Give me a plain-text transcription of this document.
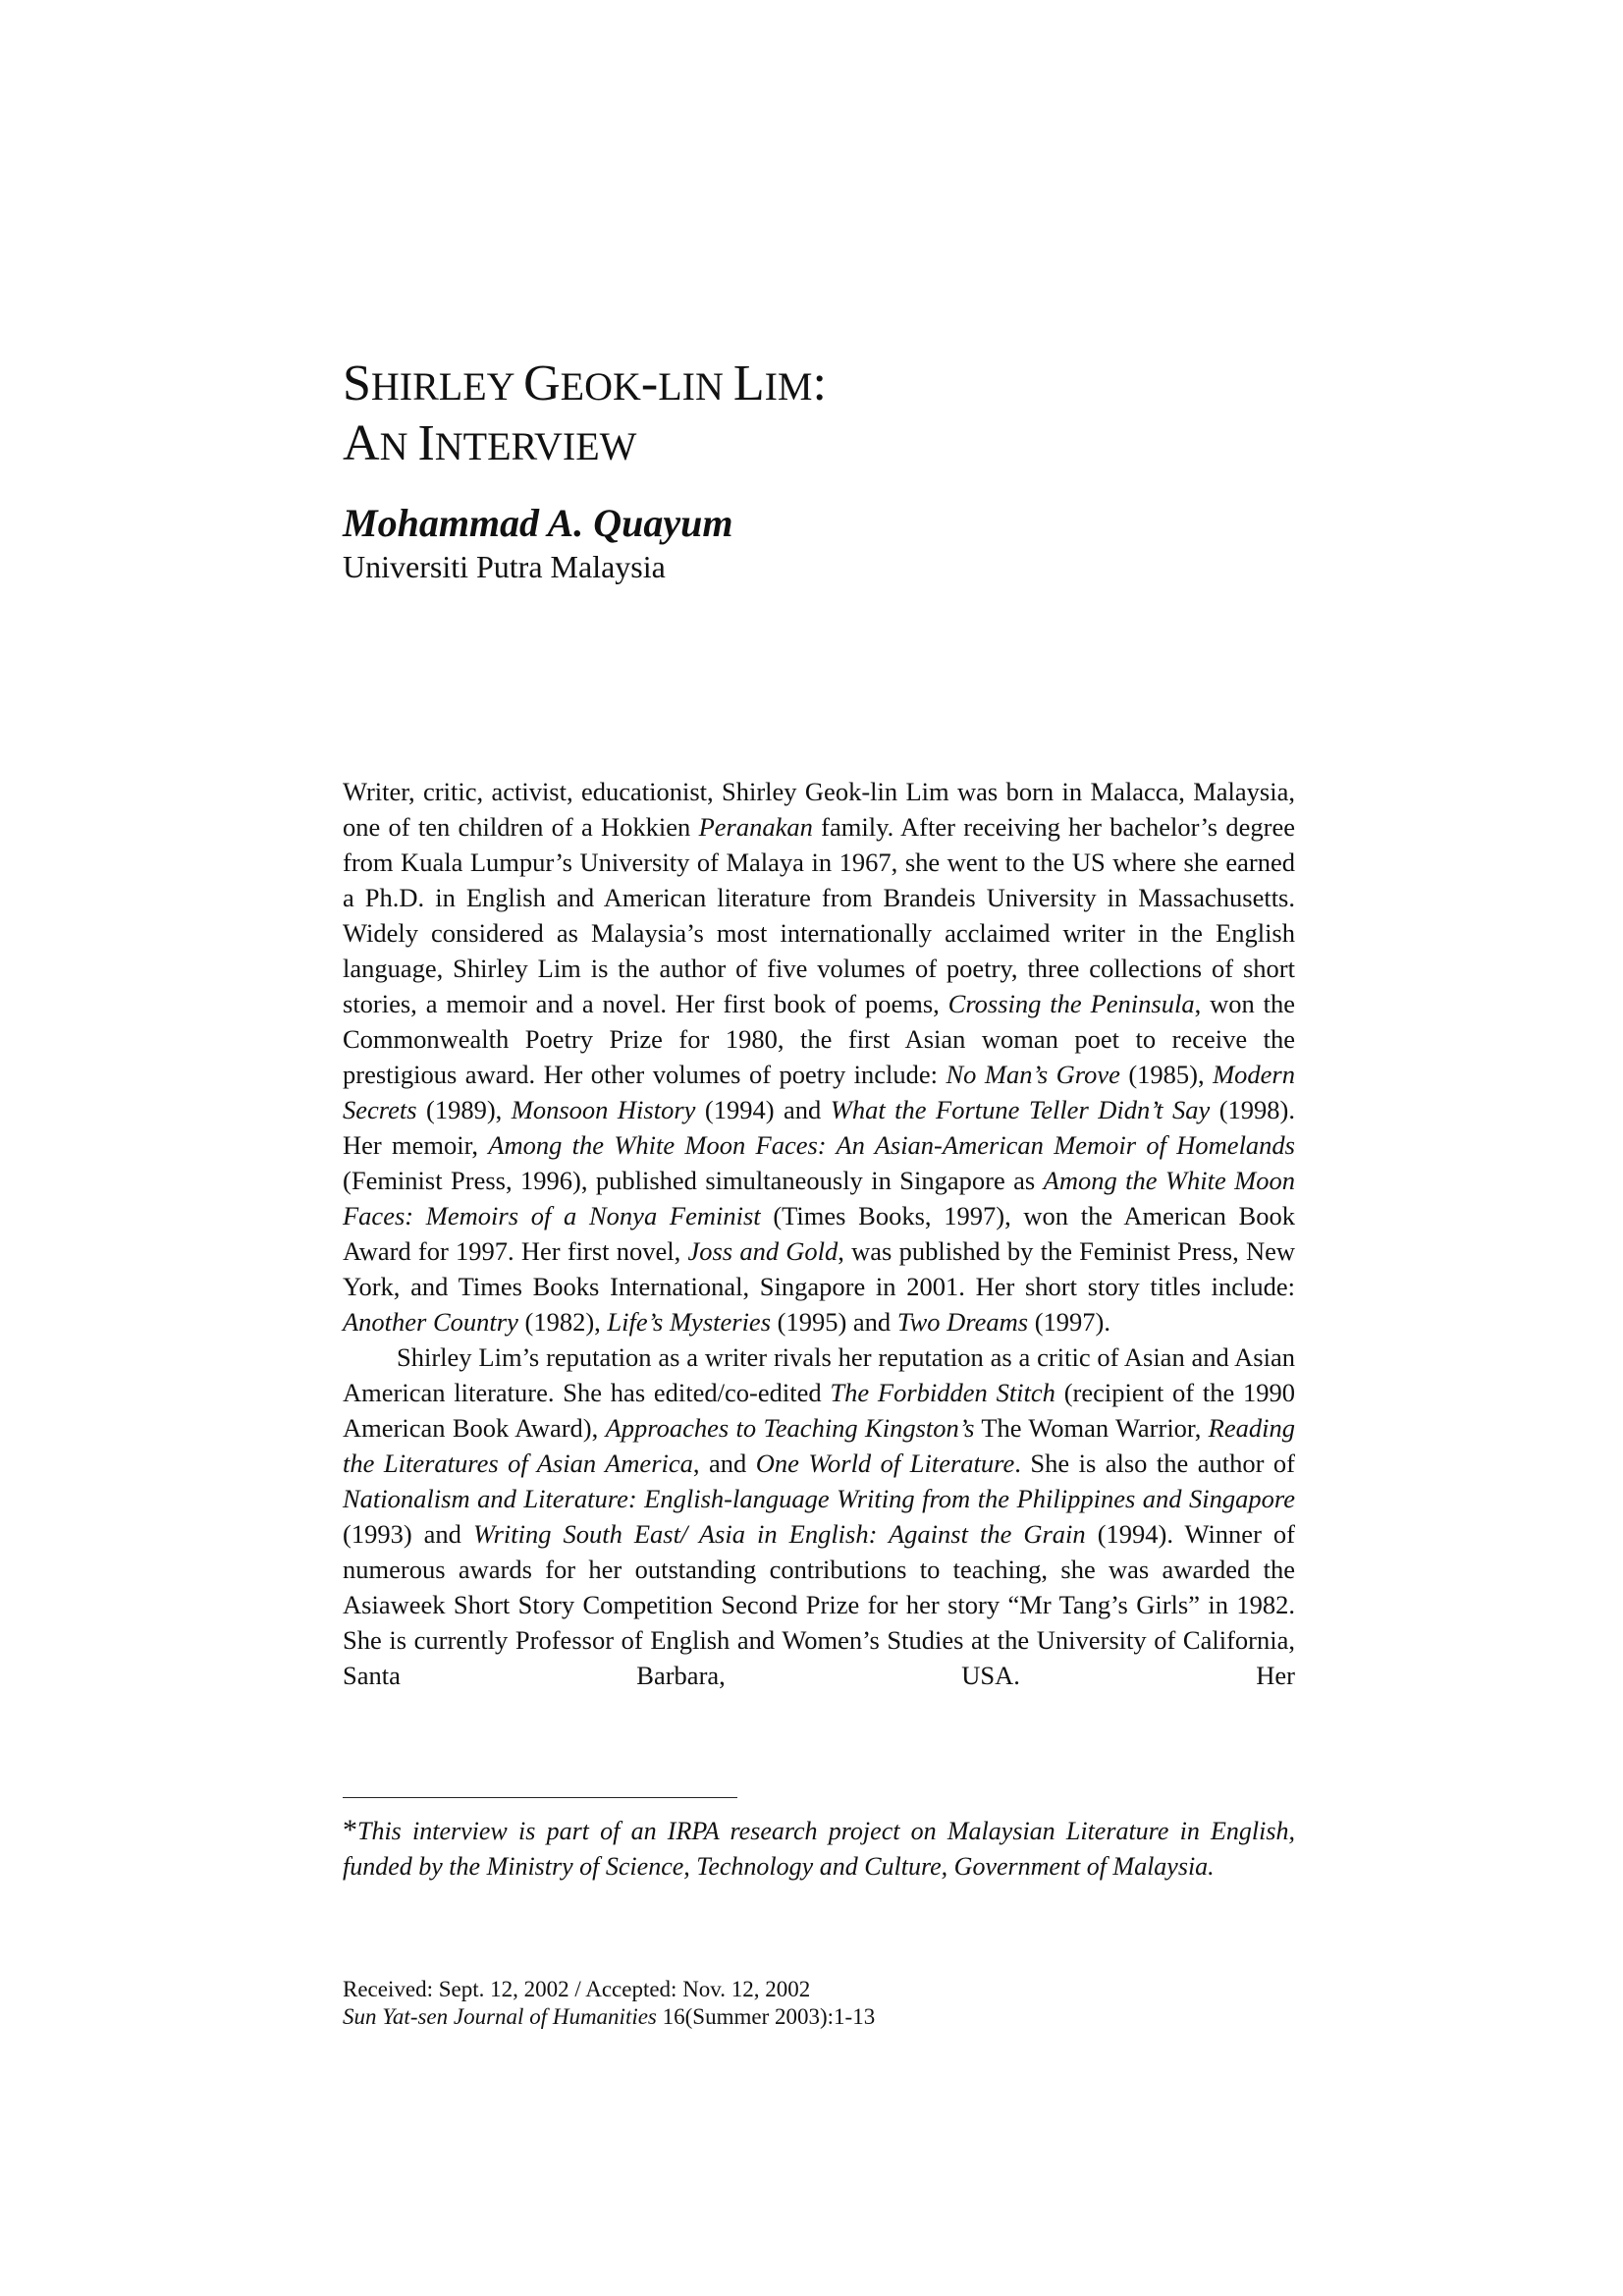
SHIRLEY GEOK-LIN LIM:
AN INTERVIEW
Mohammad A. Quayum
Universiti Putra Malaysia

Writer, critic, activist, educationist, Shirley Geok-lin Lim was born in Malacca, Malaysia, one of ten children of a Hokkien Peranakan family. After receiving her bachelor’s degree from Kuala Lumpur’s University of Malaya in 1967, she went to the US where she earned a Ph.D. in English and American literature from Brandeis University in Massachusetts. Widely considered as Malaysia’s most internationally acclaimed writer in the English language, Shirley Lim is the author of five volumes of poetry, three collections of short stories, a memoir and a novel. Her first book of poems, Crossing the Peninsula, won the Commonwealth Poetry Prize for 1980, the first Asian woman poet to receive the prestigious award. Her other volumes of poetry include: No Man’s Grove (1985), Modern Secrets (1989), Monsoon History (1994) and What the Fortune Teller Didn’t Say (1998). Her memoir, Among the White Moon Faces: An Asian-American Memoir of Homelands (Feminist Press, 1996), published simultaneously in Singapore as Among the White Moon Faces: Memoirs of a Nonya Feminist (Times Books, 1997), won the American Book Award for 1997. Her first novel, Joss and Gold, was published by the Feminist Press, New York, and Times Books International, Singapore in 2001. Her short story titles include: Another Country (1982), Life’s Mysteries (1995) and Two Dreams (1997).

Shirley Lim’s reputation as a writer rivals her reputation as a critic of Asian and Asian American literature. She has edited/co-edited The Forbidden Stitch (recipient of the 1990 American Book Award), Approaches to Teaching Kingston’s The Woman Warrior, Reading the Literatures of Asian America, and One World of Literature. She is also the author of Nationalism and Literature: English-language Writing from the Philippines and Singapore (1993) and Writing South East/ Asia in English: Against the Grain (1994). Winner of numerous awards for her outstanding contributions to teaching, she was awarded the Asiaweek Short Story Competition Second Prize for her story “Mr Tang’s Girls” in 1982. She is currently Professor of English and Women’s Studies at the University of California, Santa Barbara, USA. Her

*This interview is part of an IRPA research project on Malaysian Literature in English, funded by the Ministry of Science, Technology and Culture, Government of Malaysia.
Received: Sept. 12, 2002 / Accepted: Nov. 12, 2002
Sun Yat-sen Journal of Humanities 16(Summer 2003):1-13
